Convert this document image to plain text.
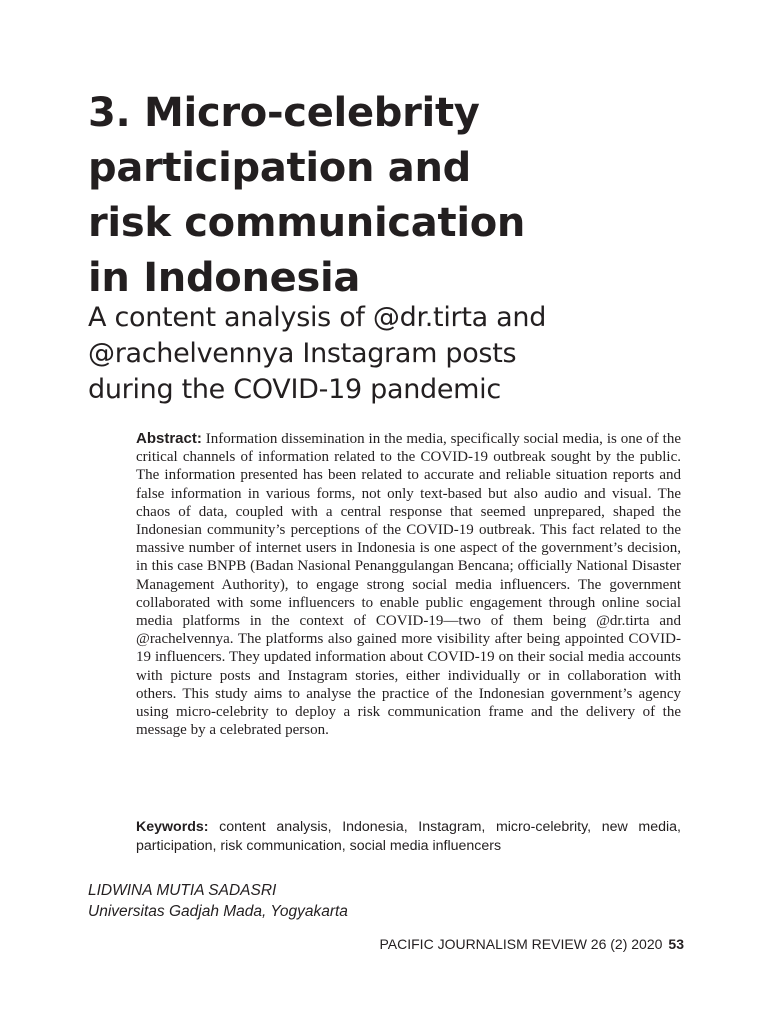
3. Micro-celebrity
participation and
risk communication
in Indonesia
A content analysis of @dr.tirta and
@rachelvennya Instagram posts
during the COVID-19 pandemic

Abstract: Information dissemination in the media, specifically social media, is one of the critical channels of information related to the COVID-19 outbreak sought by the public. The information presented has been related to accurate and reliable situation reports and false information in various forms, not only text-based but also audio and visual. The chaos of data, coupled with a central response that seemed unprepared, shaped the Indonesian community’s perceptions of the COVID-19 outbreak. This fact related to the massive number of internet users in Indonesia is one aspect of the government’s decision, in this case BNPB (Badan Nasional Penanggulangan Bencana; officially National Disaster Management Authority), to engage strong social media influencers. The government collaborated with some influencers to enable public engagement through online social media platforms in the context of COVID-19—two of them being @dr.tirta and @rachelvennya. The platforms also gained more visibility after being appointed COVID-19 influencers. They updated information about COVID-19 on their social media accounts with picture posts and Instagram stories, either individually or in collaboration with others. This study aims to analyse the practice of the Indonesian government’s agency using micro-celebrity to deploy a risk communication frame and the delivery of the message by a celebrated person.

Keywords: content analysis, Indonesia, Instagram, micro-celebrity, new media, participation, risk communication, social media influencers

LIDWINA MUTIA SADASRI
Universitas Gadjah Mada, Yogyakarta
PACIFIC JOURNALISM REVIEW 26 (2) 2020 53
